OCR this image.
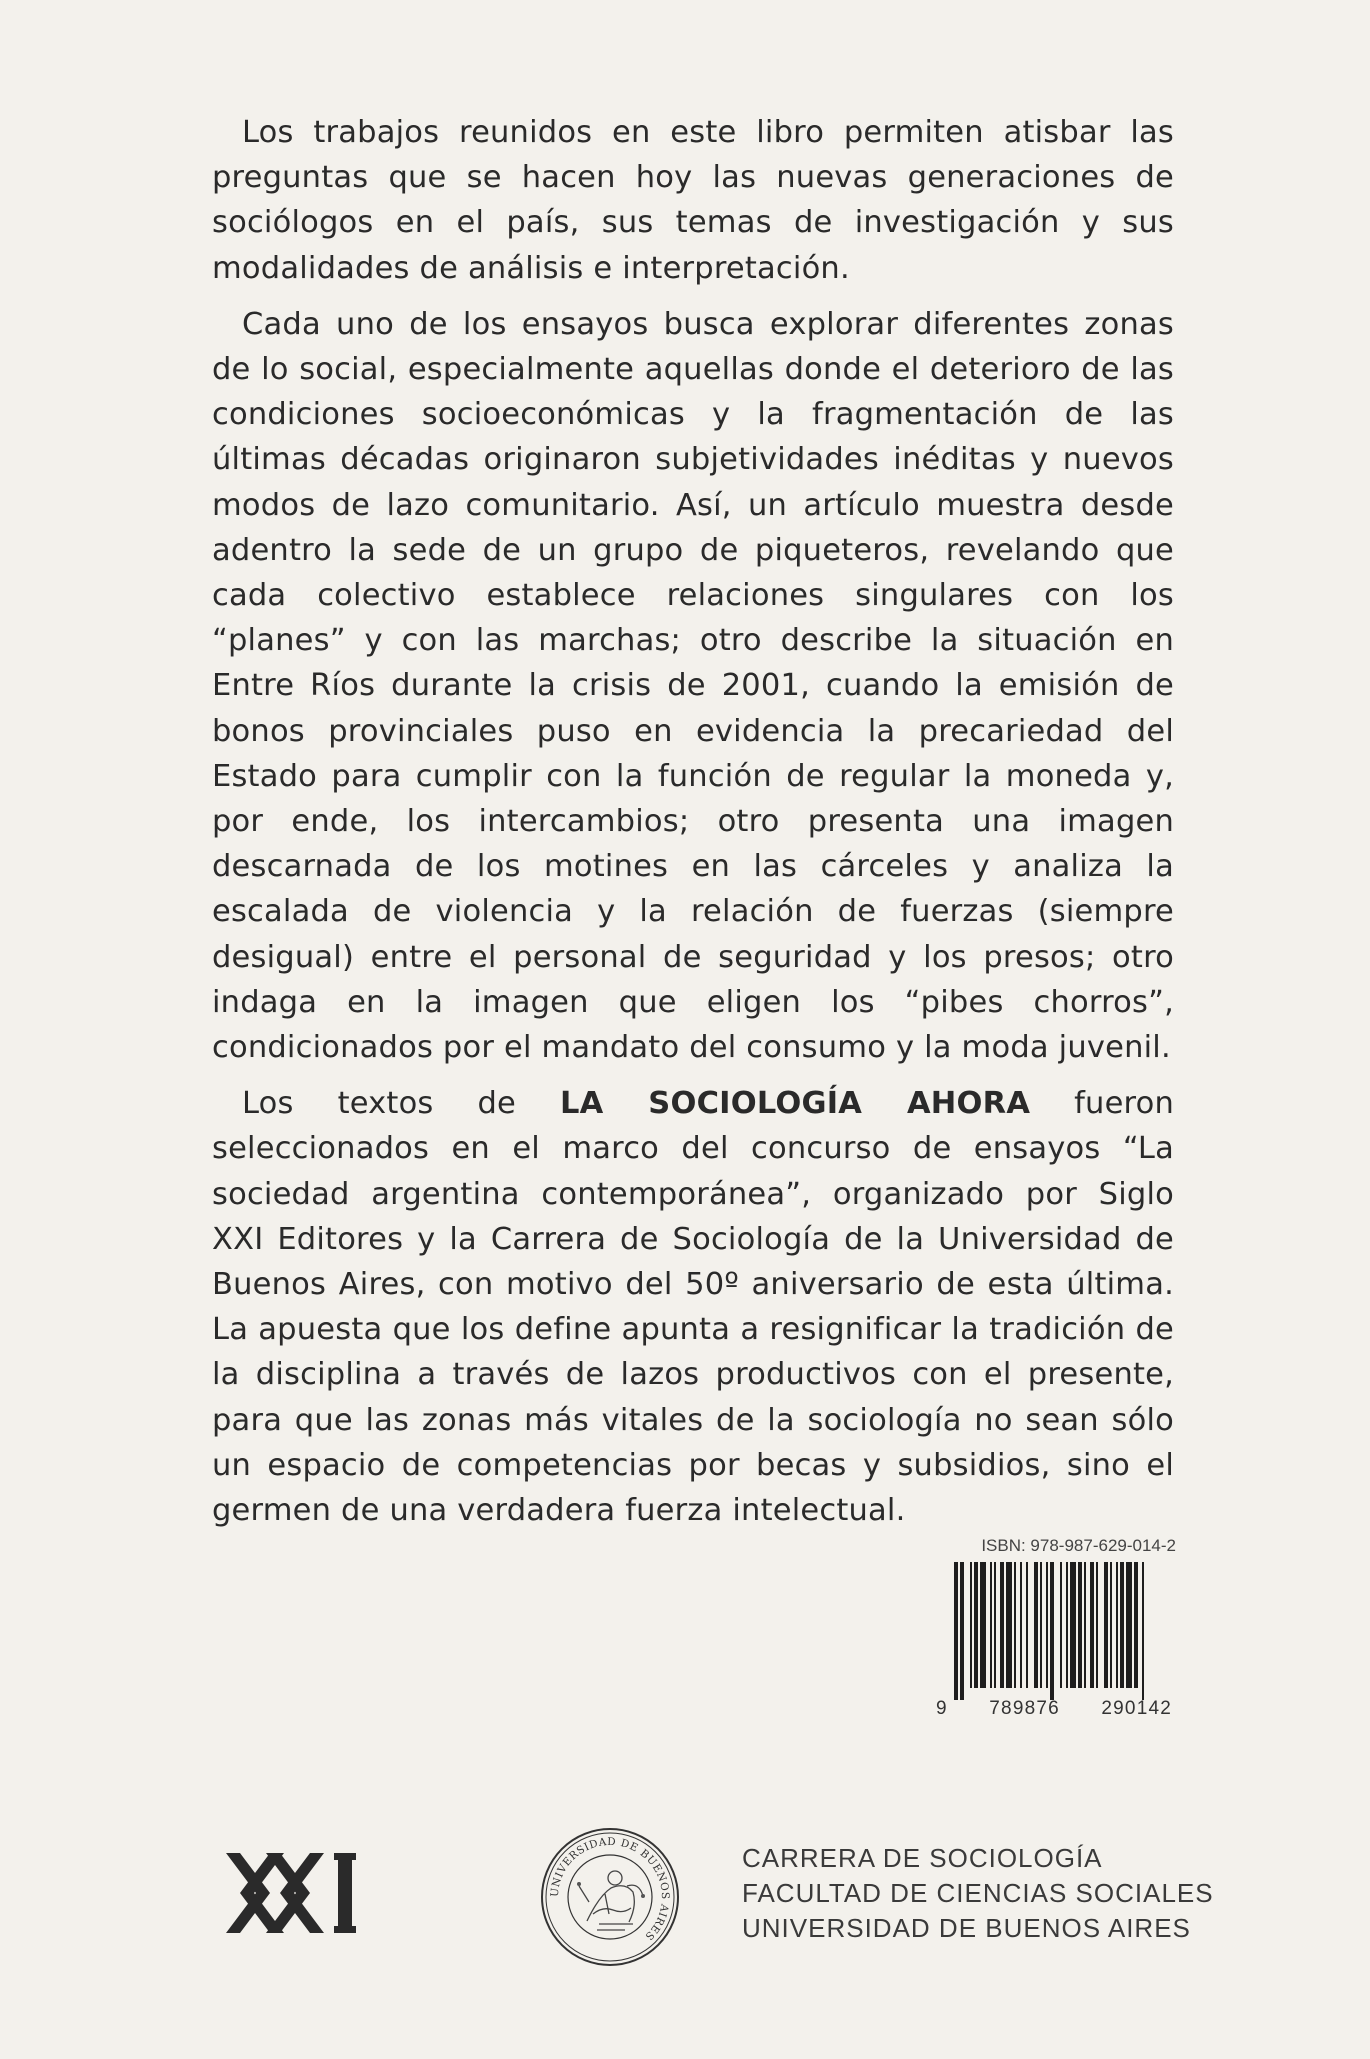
Los trabajos reunidos en este libro permiten atisbar las preguntas que se hacen hoy las nuevas generaciones de sociólogos en el país, sus temas de investigación y sus modalidades de análisis e interpretación.

Cada uno de los ensayos busca explorar diferentes zonas de lo social, especialmente aquellas donde el deterioro de las condiciones socioeconómicas y la fragmentación de las últimas décadas originaron subjetividades inéditas y nuevos modos de lazo comunitario. Así, un artículo muestra desde adentro la sede de un grupo de piqueteros, revelando que cada colectivo establece relaciones singulares con los “planes” y con las marchas; otro describe la situación en Entre Ríos durante la crisis de 2001, cuando la emisión de bonos provinciales puso en evidencia la precariedad del Estado para cumplir con la función de regular la moneda y, por ende, los intercambios; otro presenta una imagen descarnada de los motines en las cárceles y analiza la escalada de violencia y la relación de fuerzas (siempre desigual) entre el personal de seguridad y los presos; otro indaga en la imagen que eligen los “pibes chorros”, condicionados por el mandato del consumo y la moda juvenil.

Los textos de LA SOCIOLOGÍA AHORA fueron seleccionados en el marco del concurso de ensayos “La sociedad argentina contemporánea”, organizado por Siglo XXI Editores y la Carrera de Sociología de la Universidad de Buenos Aires, con motivo del 50º aniversario de esta última. La apuesta que los define apunta a resignificar la tradición de la disciplina a través de lazos productivos con el presente, para que las zonas más vitales de la sociología no sean sólo un espacio de competencias por becas y subsidios, sino el germen de una verdadera fuerza intelectual.

ISBN: 978-987-629-014-2
9 789876 290142
UNIVERSIDAD DE BUENOS AIRES
CARRERA DE SOCIOLOGÍA
FACULTAD DE CIENCIAS SOCIALES
UNIVERSIDAD DE BUENOS AIRES
